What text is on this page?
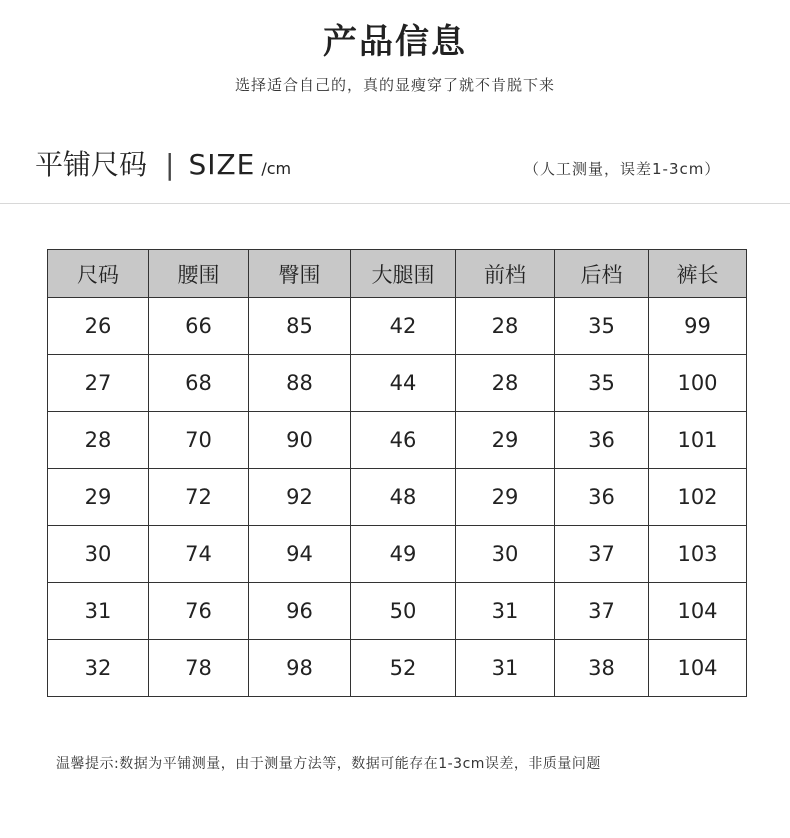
产品信息
选择适合自己的，真的显瘦穿了就不肯脱下来
平铺尺码 | SIZE /cm	（人工测量，误差1-3cm）
尺码	腰围	臀围	大腿围	前档	后档	裤长
26	66	85	42	28	35	99
27	68	88	44	28	35	100
28	70	90	46	29	36	101
29	72	92	48	29	36	102
30	74	94	49	30	37	103
31	76	96	50	31	37	104
32	78	98	52	31	38	104
温馨提示:数据为平铺测量，由于测量方法等，数据可能存在1-3cm误差，非质量问题
